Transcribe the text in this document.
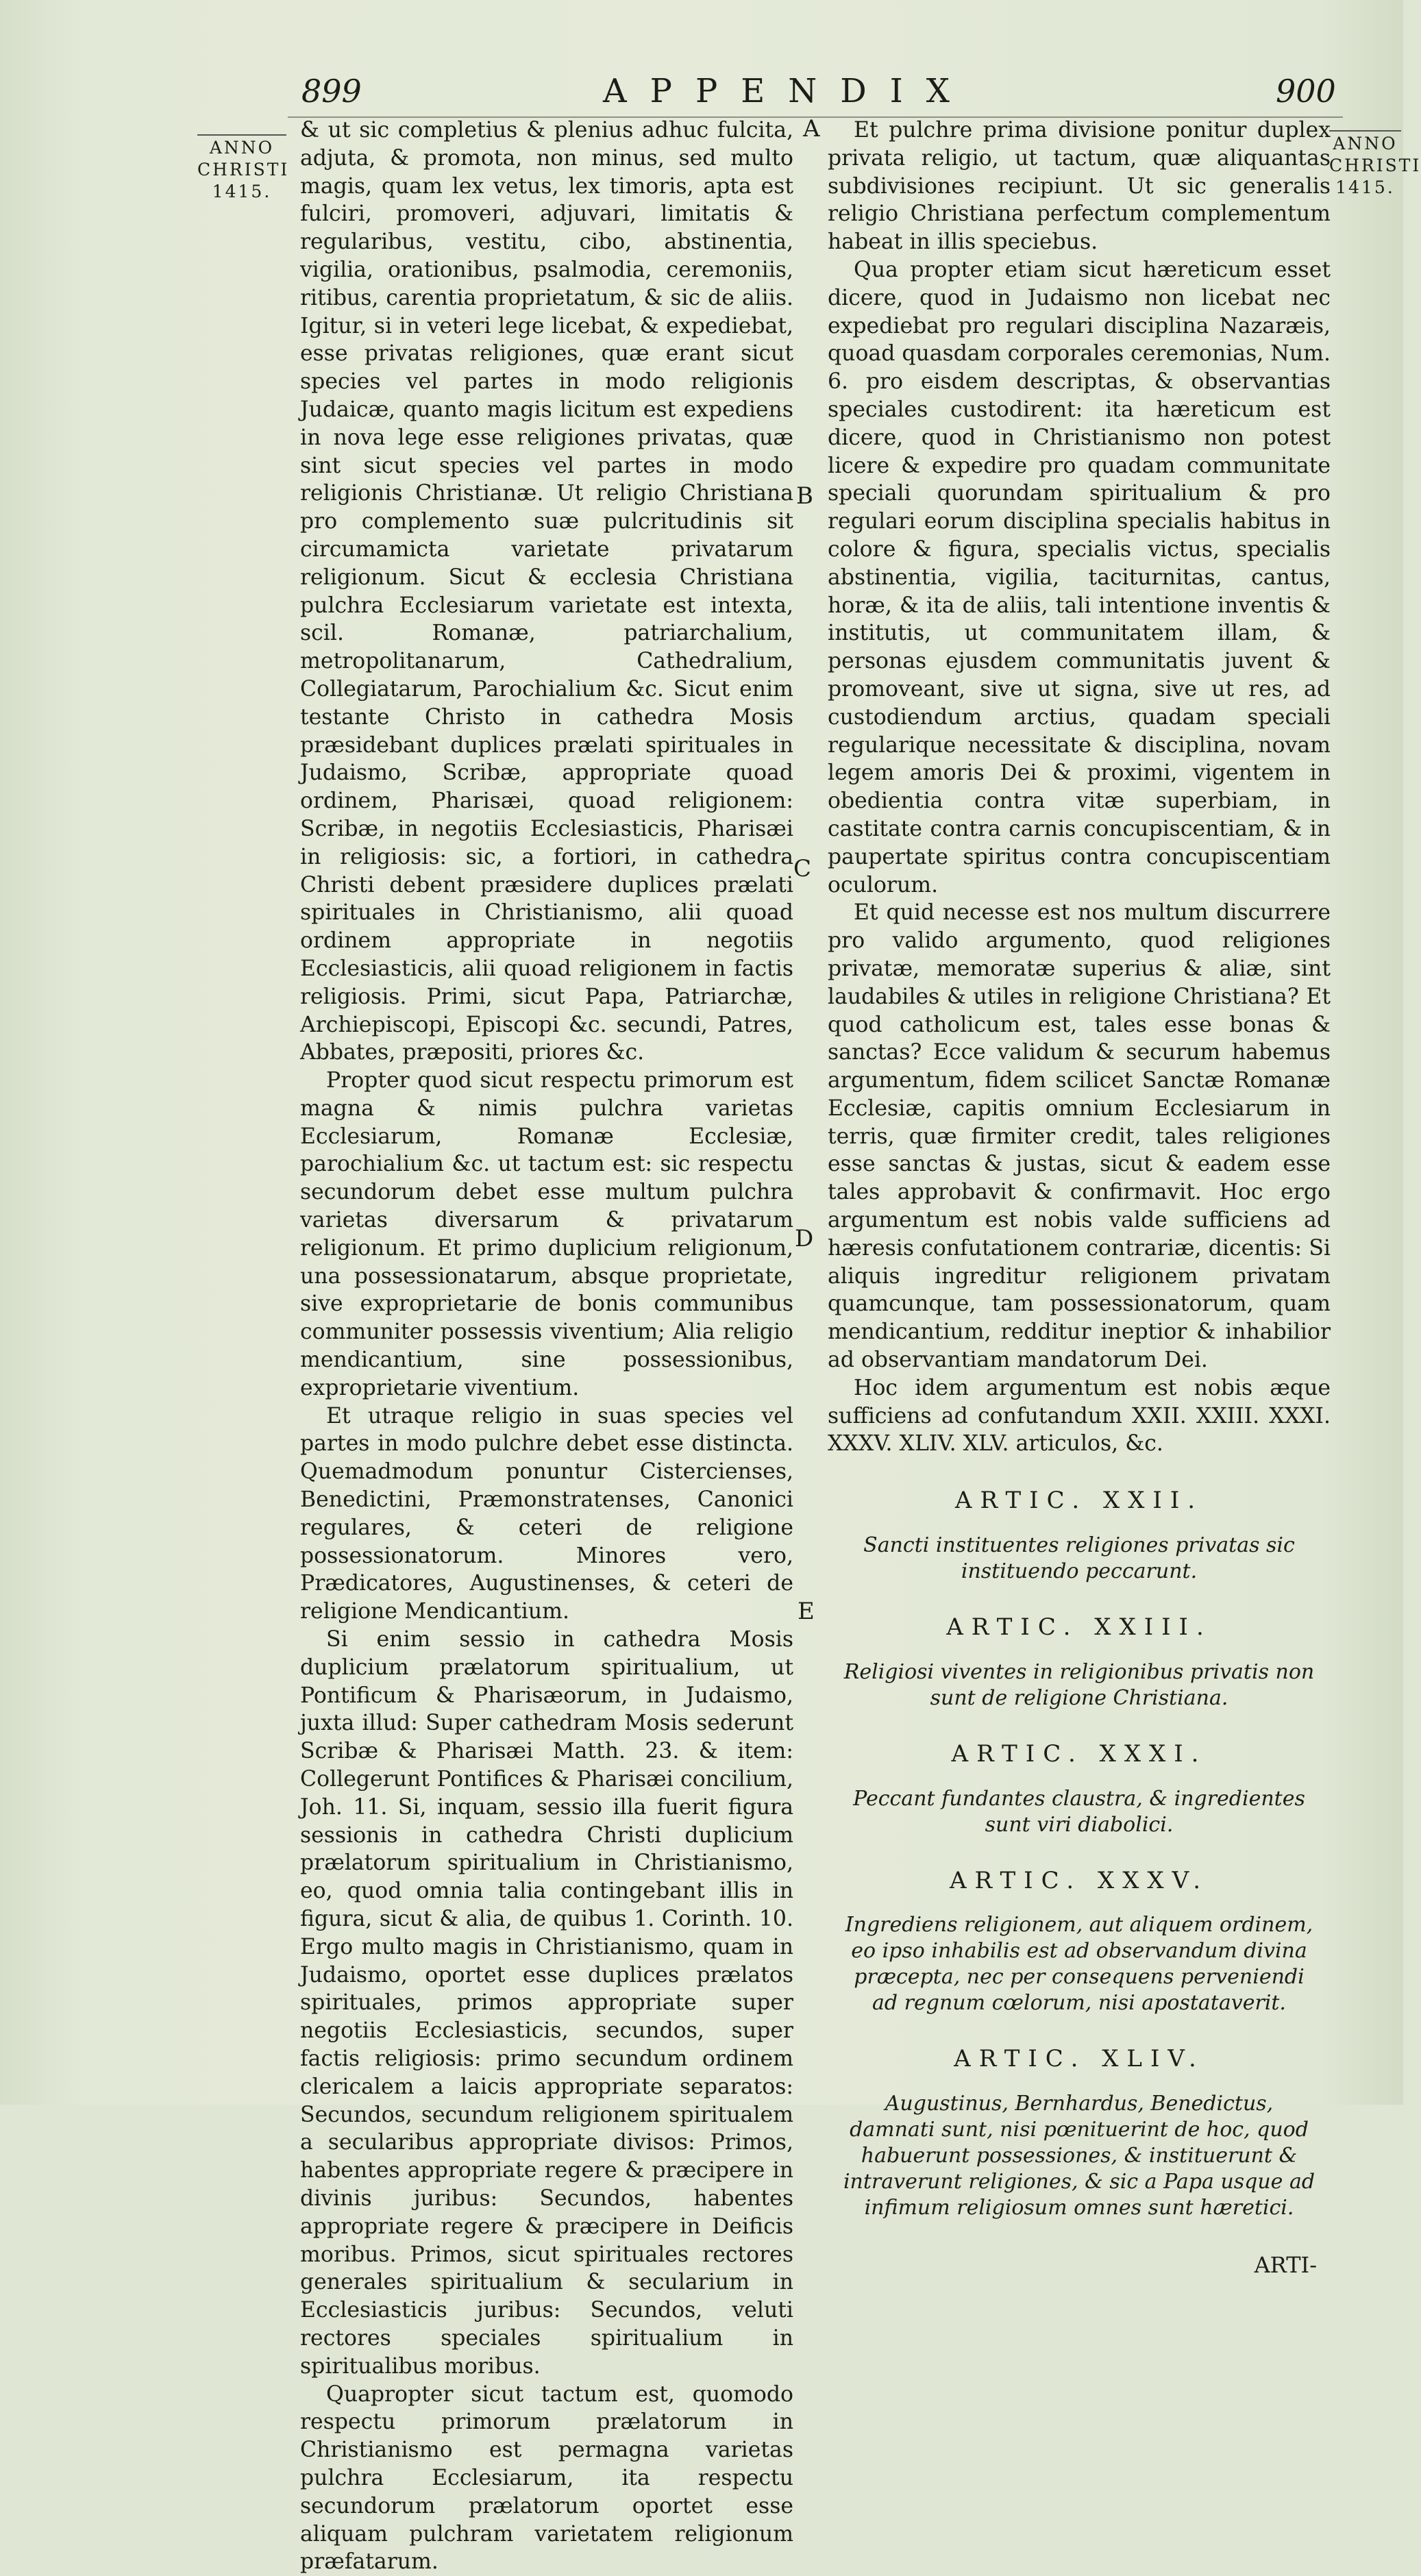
899	APPENDIX	900
ANNO
CHRISTI
1415.
ANNO
CHRISTI
1415.
A
B
C
D
E

& ut sic completius & plenius adhuc fulcita, adjuta, & promota, non minus, sed multo magis, quam lex vetus, lex timoris, apta est fulciri, promoveri, adjuvari, limitatis & regularibus, vestitu, cibo, abstinentia, vigilia, orationibus, psalmodia, ceremoniis, ritibus, carentia proprietatum, & sic de aliis. Igitur, si in veteri lege licebat, & expediebat, esse privatas religiones, quæ erant sicut species vel partes in modo religionis Judaicæ, quanto magis licitum est expediens in nova lege esse religiones privatas, quæ sint sicut species vel partes in modo religionis Christianæ. Ut religio Christiana pro complemento suæ pulcritudinis sit circumamicta varietate privatarum religionum. Sicut & ecclesia Christiana pulchra Ecclesiarum varietate est intexta, scil. Romanæ, patriarchalium, metropolitanarum, Cathedralium, Collegiatarum, Parochialium &c. Sicut enim testante Christo in cathedra Mosis præsidebant duplices prælati spirituales in Judaismo, Scribæ, appropriate quoad ordinem, Pharisæi, quoad religionem: Scribæ, in negotiis Ecclesiasticis, Pharisæi in religiosis: sic, a fortiori, in cathedra Christi debent præsidere duplices prælati spirituales in Christianismo, alii quoad ordinem appropriate in negotiis Ecclesiasticis, alii quoad religionem in factis religiosis. Primi, sicut Papa, Patriarchæ, Archiepiscopi, Episcopi &c. secundi, Patres, Abbates, præpositi, priores &c.

Propter quod sicut respectu primorum est magna & nimis pulchra varietas Ecclesiarum, Romanæ Ecclesiæ, parochialium &c. ut tactum est: sic respectu secundorum debet esse multum pulchra varietas diversarum & privatarum religionum. Et primo duplicium religionum, una possessionatarum, absque proprietate, sive exproprietarie de bonis communibus communiter possessis viventium; Alia religio mendicantium, sine possessionibus, exproprietarie viventium.

Et utraque religio in suas species vel partes in modo pulchre debet esse distincta. Quemadmodum ponuntur Cistercienses, Benedictini, Præmonstratenses, Canonici regulares, & ceteri de religione possessionatorum. Minores vero, Prædicatores, Augustinenses, & ceteri de religione Mendicantium.

Si enim sessio in cathedra Mosis duplicium prælatorum spiritualium, ut Pontificum & Pharisæorum, in Judaismo, juxta illud: Super cathedram Mosis sederunt Scribæ & Pharisæi Matth. 23. & item: Collegerunt Pontifices & Pharisæi concilium, Joh. 11. Si, inquam, sessio illa fuerit figura sessionis in cathedra Christi duplicium prælatorum spiritualium in Christianismo, eo, quod omnia talia contingebant illis in figura, sicut & alia, de quibus 1. Corinth. 10. Ergo multo magis in Christianismo, quam in Judaismo, oportet esse duplices prælatos spirituales, primos appropriate super negotiis Ecclesiasticis, secundos, super factis religiosis: primo secundum ordinem clericalem a laicis appropriate separatos: Secundos, secundum religionem spiritualem a secularibus appropriate divisos: Primos, habentes appropriate regere & præcipere in divinis juribus: Secundos, habentes appropriate regere & præcipere in Deificis moribus. Primos, sicut spirituales rectores generales spiritualium & secularium in Ecclesiasticis juribus: Secundos, veluti rectores speciales spiritualium in spiritualibus moribus.

Quapropter sicut tactum est, quomodo respectu primorum prælatorum in Christianismo est permagna varietas pulchra Ecclesiarum, ita respectu secundorum prælatorum oportet esse aliquam pulchram varietatem religionum præfatarum.

Et pulchre prima divisione ponitur duplex privata religio, ut tactum, quæ aliquantas subdivisiones recipiunt. Ut sic generalis religio Christiana perfectum complementum habeat in illis speciebus.

Qua propter etiam sicut hæreticum esset dicere, quod in Judaismo non licebat nec expediebat pro regulari disciplina Nazaræis, quoad quasdam corporales ceremonias, Num. 6. pro eisdem descriptas, & observantias speciales custodirent: ita hæreticum est dicere, quod in Christianismo non potest licere & expedire pro quadam communitate speciali quorundam spiritualium & pro regulari eorum disciplina specialis habitus in colore & figura, specialis victus, specialis abstinentia, vigilia, taciturnitas, cantus, horæ, & ita de aliis, tali intentione inventis & institutis, ut communitatem illam, & personas ejusdem communitatis juvent & promoveant, sive ut signa, sive ut res, ad custodiendum arctius, quadam speciali regularique necessitate & disciplina, novam legem amoris Dei & proximi, vigentem in obedientia contra vitæ superbiam, in castitate contra carnis concupiscentiam, & in paupertate spiritus contra concupiscentiam oculorum.

Et quid necesse est nos multum discurrere pro valido argumento, quod religiones privatæ, memoratæ superius & aliæ, sint laudabiles & utiles in religione Christiana? Et quod catholicum est, tales esse bonas & sanctas? Ecce validum & securum habemus argumentum, fidem scilicet Sanctæ Romanæ Ecclesiæ, capitis omnium Ecclesiarum in terris, quæ firmiter credit, tales religiones esse sanctas & justas, sicut & eadem esse tales approbavit & confirmavit. Hoc ergo argumentum est nobis valde sufficiens ad hæresis confutationem contrariæ, dicentis: Si aliquis ingreditur religionem privatam quamcunque, tam possessionatorum, quam mendicantium, redditur ineptior & inhabilior ad observantiam mandatorum Dei.

Hoc idem argumentum est nobis æque sufficiens ad confutandum XXII. XXIII. XXXI. XXXV. XLIV. XLV. articulos, &c.

ARTIC. XXII.
Sancti instituentes religiones privatas sic instituendo peccarunt.
ARTIC. XXIII.
Religiosi viventes in religionibus privatis non sunt de religione Christiana.
ARTIC. XXXI.
Peccant fundantes claustra, & ingredientes sunt viri diabolici.
ARTIC. XXXV.
Ingrediens religionem, aut aliquem ordinem, eo ipso inhabilis est ad observandum divina præcepta, nec per consequens perveniendi ad regnum cœlorum, nisi apostataverit.
ARTIC. XLIV.
Augustinus, Bernhardus, Benedictus, damnati sunt, nisi pœnituerint de hoc, quod habuerunt possessiones, & instituerunt & intraverunt religiones, & sic a Papa usque ad infimum religiosum omnes sunt hæretici.
ARTI-
